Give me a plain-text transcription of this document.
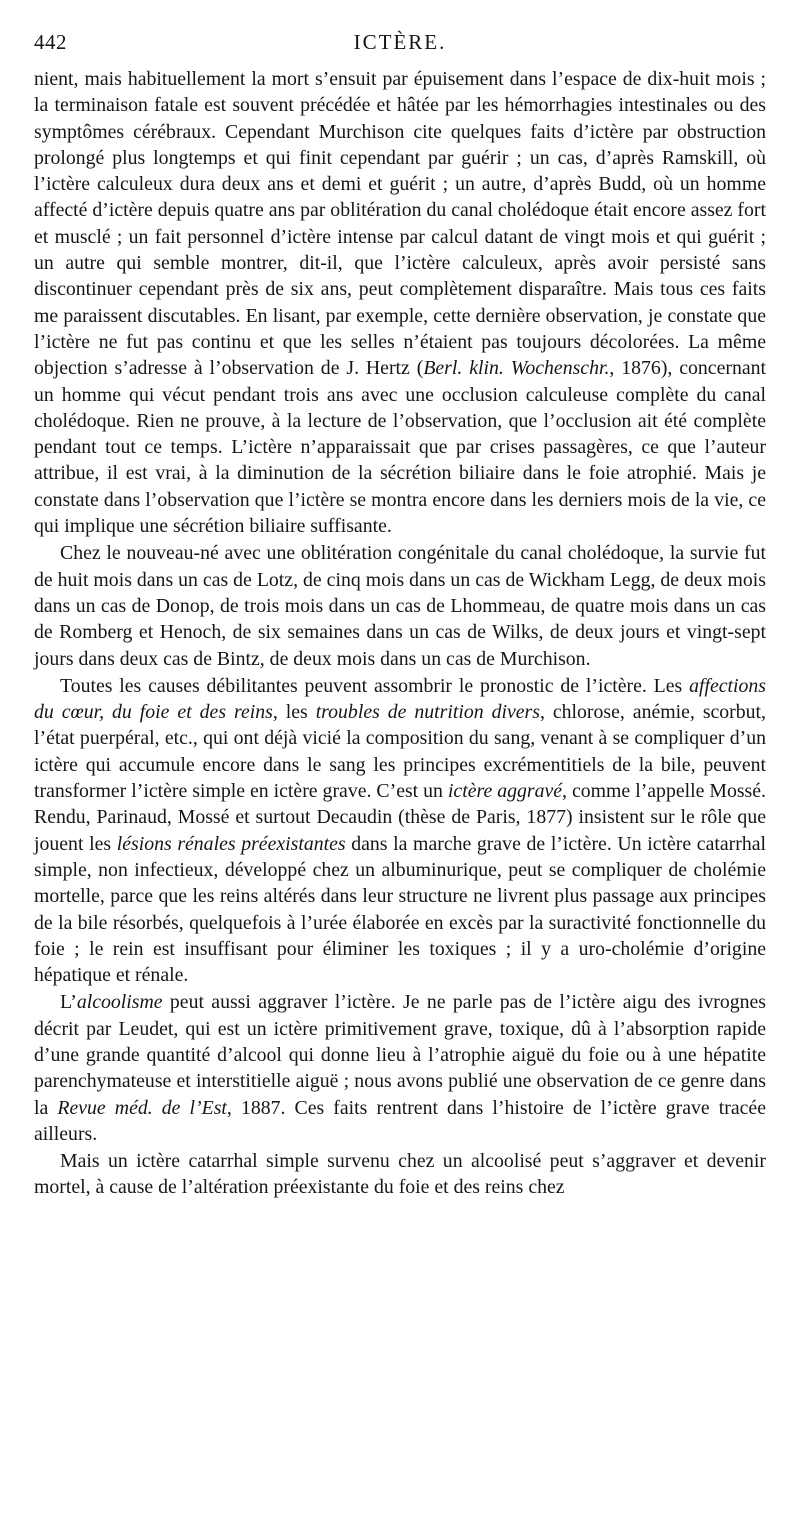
442	ICTÈRE.

nient, mais habituellement la mort s’ensuit par épuisement dans l’espace de dix-huit mois ; la terminaison fatale est souvent précédée et hâtée par les hémorrhagies intestinales ou des symptômes cérébraux. Cependant Murchison cite quelques faits d’ictère par obstruction prolongé plus longtemps et qui finit cependant par guérir ; un cas, d’après Ramskill, où l’ictère calculeux dura deux ans et demi et guérit ; un autre, d’après Budd, où un homme affecté d’ictère depuis quatre ans par oblitération du canal cholédoque était encore assez fort et musclé ; un fait personnel d’ictère intense par calcul datant de vingt mois et qui guérit ; un autre qui semble montrer, dit-il, que l’ictère calculeux, après avoir persisté sans discontinuer cependant près de six ans, peut complètement disparaître. Mais tous ces faits me paraissent discutables. En lisant, par exemple, cette dernière observation, je constate que l’ictère ne fut pas continu et que les selles n’étaient pas toujours décolorées. La même objection s’adresse à l’observation de J. Hertz (Berl. klin. Wochenschr., 1876), concernant un homme qui vécut pendant trois ans avec une occlusion calculeuse complète du canal cholédoque. Rien ne prouve, à la lecture de l’observation, que l’occlusion ait été complète pendant tout ce temps. L’ictère n’apparaissait que par crises passagères, ce que l’auteur attribue, il est vrai, à la diminution de la sécrétion biliaire dans le foie atrophié. Mais je constate dans l’observation que l’ictère se montra encore dans les derniers mois de la vie, ce qui implique une sécrétion biliaire suffisante.

Chez le nouveau-né avec une oblitération congénitale du canal cholédoque, la survie fut de huit mois dans un cas de Lotz, de cinq mois dans un cas de Wickham Legg, de deux mois dans un cas de Donop, de trois mois dans un cas de Lhommeau, de quatre mois dans un cas de Romberg et Henoch, de six semaines dans un cas de Wilks, de deux jours et vingt-sept jours dans deux cas de Bintz, de deux mois dans un cas de Murchison.

Toutes les causes débilitantes peuvent assombrir le pronostic de l’ictère. Les affections du cœur, du foie et des reins, les troubles de nutrition divers, chlorose, anémie, scorbut, l’état puerpéral, etc., qui ont déjà vicié la composition du sang, venant à se compliquer d’un ictère qui accumule encore dans le sang les principes excrémentitiels de la bile, peuvent transformer l’ictère simple en ictère grave. C’est un ictère aggravé, comme l’appelle Mossé. Rendu, Parinaud, Mossé et surtout Decaudin (thèse de Paris, 1877) insistent sur le rôle que jouent les lésions rénales préexistantes dans la marche grave de l’ictère. Un ictère catarrhal simple, non infectieux, développé chez un albuminurique, peut se compliquer de cholémie mortelle, parce que les reins altérés dans leur structure ne livrent plus passage aux principes de la bile résorbés, quelquefois à l’urée élaborée en excès par la suractivité fonctionnelle du foie ; le rein est insuffisant pour éliminer les toxiques ; il y a uro-cholémie d’origine hépatique et rénale.

L’alcoolisme peut aussi aggraver l’ictère. Je ne parle pas de l’ictère aigu des ivrognes décrit par Leudet, qui est un ictère primitivement grave, toxique, dû à l’absorption rapide d’une grande quantité d’alcool qui donne lieu à l’atrophie aiguë du foie ou à une hépatite parenchymateuse et interstitielle aiguë ; nous avons publié une observation de ce genre dans la Revue méd. de l’Est, 1887. Ces faits rentrent dans l’histoire de l’ictère grave tracée ailleurs.

Mais un ictère catarrhal simple survenu chez un alcoolisé peut s’aggraver et devenir mortel, à cause de l’altération préexistante du foie et des reins chez
